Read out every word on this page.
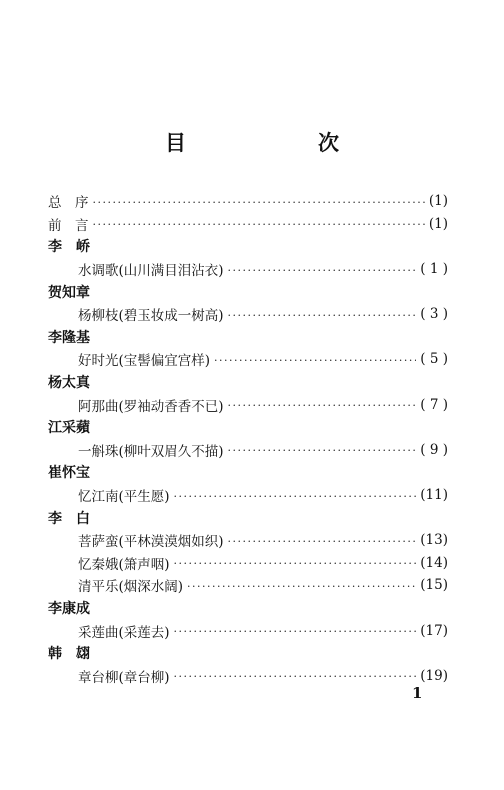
目　　次
总　序 ·····	(1)
前　言 ·····	(1)
李　峤
水调歌(山川满目泪沾衣) ·····	( 1 )
贺知章
杨柳枝(碧玉妆成一树高) ·····	( 3 )
李隆基
好时光(宝髻偏宜宫样) ·····	( 5 )
杨太真
阿那曲(罗袖动香香不已) ·····	( 7 )
江采蘋
一斛珠(柳叶双眉久不描) ·····	( 9 )
崔怀宝
忆江南(平生愿) ·····	(11)
李　白
菩萨蛮(平林漠漠烟如织) ·····	(13)
忆秦娥(箫声咽) ·····	(14)
清平乐(烟深水阔) ·····	(15)
李康成
采莲曲(采莲去) ·····	(17)
韩　翃
章台柳(章台柳) ·····	(19)
1
